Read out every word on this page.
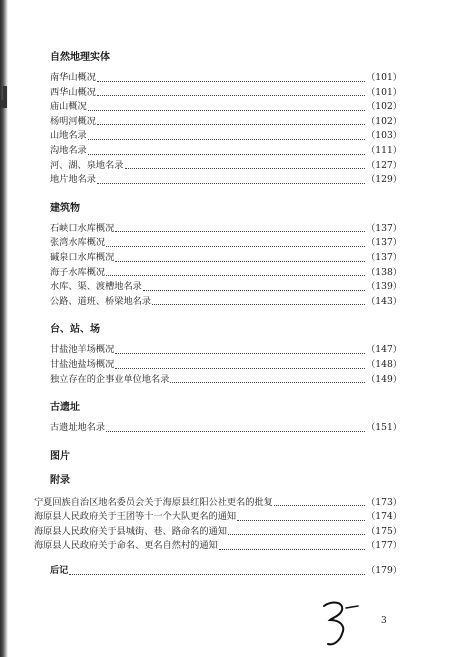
自然地理实体
南华山概况	（101）
西华山概况	（101）
庙山概况	（102）
杨明河概况	（102）
山地名录	（103）
沟地名录	（111）
河、湖、泉地名录	（127）
地片地名录	（129）
建筑物
石峡口水库概况	（137）
张湾水库概况	（137）
碱泉口水库概况	（137）
海子水库概况	（138）
水库、渠、渡槽地名录	（139）
公路、道班、桥梁地名录	（143）
台、站、场
甘盐池羊场概况	（147）
甘盐池盐场概况	（148）
独立存在的企事业单位地名录	（149）
古遗址
古遗址地名录	（151）
图片
附录
宁夏回族自治区地名委员会关于海原县红阳公社更名的批复	（173）
海原县人民政府关于王团等十一个大队更名的通知	（174）
海原县人民政府关于县城街、巷、路命名的通知	（175）
海原县人民政府关于命名、更名自然村的通知	（177）
后记	（179）
3
